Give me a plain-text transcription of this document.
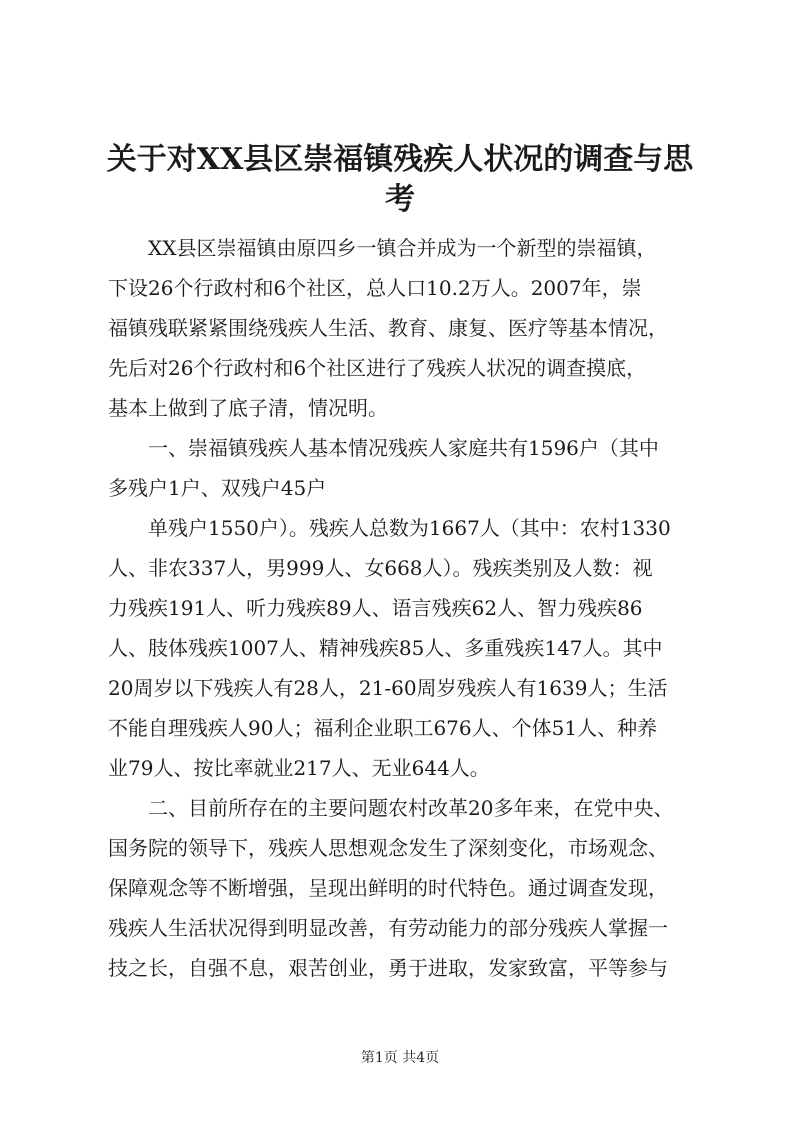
关于对XX县区崇福镇残疾人状况的调查与思
考
XX县区崇福镇由原四乡一镇合并成为一个新型的崇福镇，
下设26个行政村和6个社区，总人口10.2万人。2007年，崇
福镇残联紧紧围绕残疾人生活、教育、康复、医疗等基本情况，
先后对26个行政村和6个社区进行了残疾人状况的调查摸底，
基本上做到了底子清，情况明。
一、崇福镇残疾人基本情况残疾人家庭共有1596户（其中
多残户1户、双残户45户
单残户1550户）。残疾人总数为1667人（其中：农村1330
人、非农337人，男999人、女668人）。残疾类别及人数：视
力残疾191人、听力残疾89人、语言残疾62人、智力残疾86
人、肢体残疾1007人、精神残疾85人、多重残疾147人。其中
20周岁以下残疾人有28人，21-60周岁残疾人有1639人；生活
不能自理残疾人90人；福利企业职工676人、个体51人、种养
业79人、按比率就业217人、无业644人。
二、目前所存在的主要问题农村改革20多年来，在党中央、
国务院的领导下，残疾人思想观念发生了深刻变化，市场观念、
保障观念等不断增强，呈现出鲜明的时代特色。通过调查发现，
残疾人生活状况得到明显改善，有劳动能力的部分残疾人掌握一
技之长，自强不息，艰苦创业，勇于进取，发家致富，平等参与
第1页 共4页
